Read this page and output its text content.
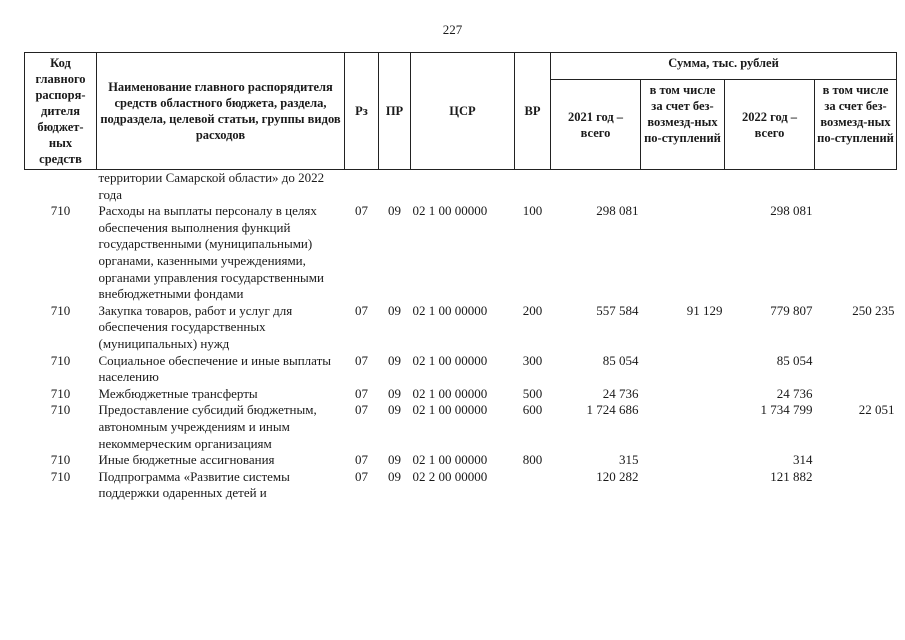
227
Код главного распоря-дителя бюджет-ных средств	Наименование главного распорядителя средств областного бюджета, раздела, подраздела, целевой статьи, группы видов расходов	Рз	ПР	ЦСР	ВР	Сумма, тыс. рублей			
						2021 год – всего	в том числе за счет без-возмезд-ных по-ступлений	2022 год – всего	в том числе за счет без-возмезд-ных по-ступлений
	территории Самарской области» до 2022 года								
710	Расходы на выплаты персоналу в целях обеспечения выполнения функций государственными (муниципальными) органами, казенными учреждениями, органами управления государственными внебюджетными фондами	07	09	02 1 00 00000	100	298 081		298 081	
710	Закупка товаров, работ и услуг для обеспечения государственных (муниципальных) нужд	07	09	02 1 00 00000	200	557 584	91 129	779 807	250 235
710	Социальное обеспечение и иные выплаты населению	07	09	02 1 00 00000	300	85 054		85 054	
710	Межбюджетные трансферты	07	09	02 1 00 00000	500	24 736		24 736	
710	Предоставление субсидий бюджетным, автономным учреждениям и иным некоммерческим организациям	07	09	02 1 00 00000	600	1 724 686		1 734 799	22 051
710	Иные бюджетные ассигнования	07	09	02 1 00 00000	800	315		314	
710	Подпрограмма «Развитие системы поддержки одаренных детей и	07	09	02 2 00 00000		120 282		121 882	
